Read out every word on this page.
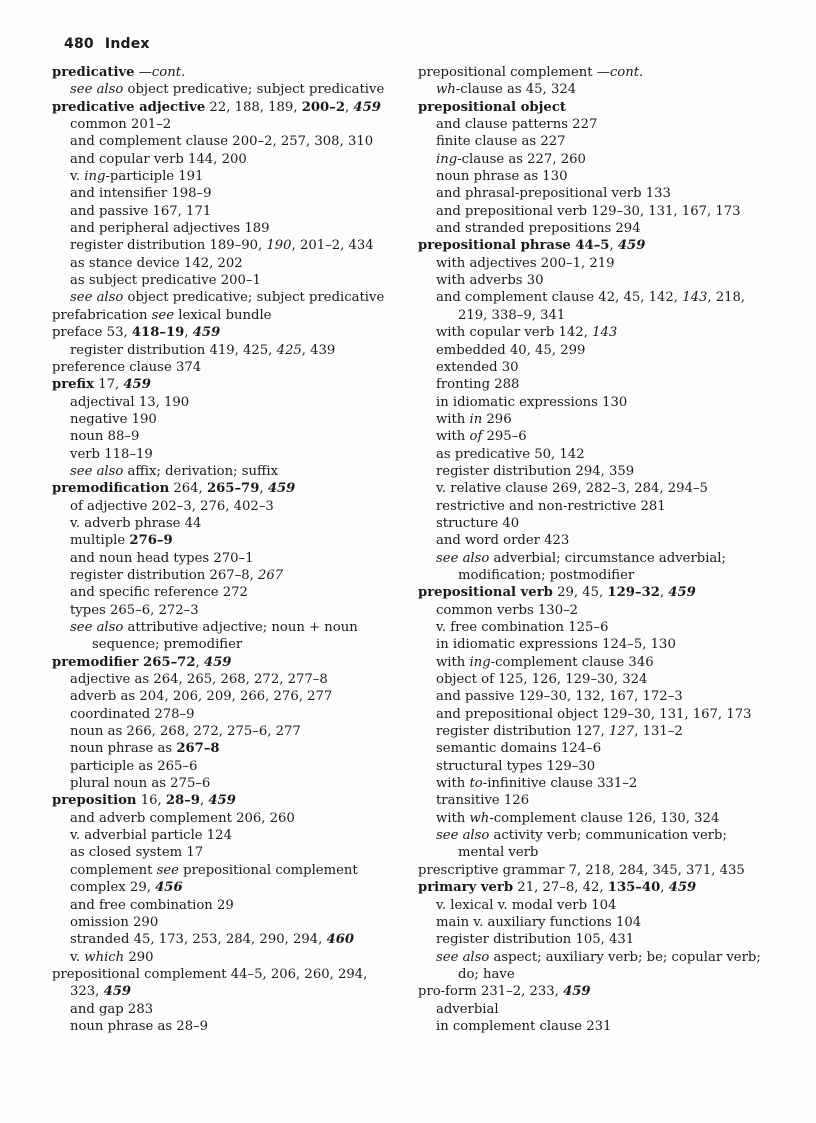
480 Index
predicative —cont.
see also object predicative; subject predicative
predicative adjective 22, 188, 189, 200–2, 459
common 201–2
and complement clause 200–2, 257, 308, 310
and copular verb 144, 200
v. ing-participle 191
and intensifier 198–9
and passive 167, 171
and peripheral adjectives 189
register distribution 189–90, 190, 201–2, 434
as stance device 142, 202
as subject predicative 200–1
see also object predicative; subject predicative
prefabrication see lexical bundle
preface 53, 418–19, 459
register distribution 419, 425, 425, 439
preference clause 374
prefix 17, 459
adjectival 13, 190
negative 190
noun 88–9
verb 118–19
see also affix; derivation; suffix
premodification 264, 265–79, 459
of adjective 202–3, 276, 402–3
v. adverb phrase 44
multiple 276–9
and noun head types 270–1
register distribution 267–8, 267
and specific reference 272
types 265–6, 272–3
see also attributive adjective; noun + noun
sequence; premodifier
premodifier 265–72, 459
adjective as 264, 265, 268, 272, 277–8
adverb as 204, 206, 209, 266, 276, 277
coordinated 278–9
noun as 266, 268, 272, 275–6, 277
noun phrase as 267–8
participle as 265–6
plural noun as 275–6
preposition 16, 28–9, 459
and adverb complement 206, 260
v. adverbial particle 124
as closed system 17
complement see prepositional complement
complex 29, 456
and free combination 29
omission 290
stranded 45, 173, 253, 284, 290, 294, 460
v. which 290
prepositional complement 44–5, 206, 260, 294,
323, 459
and gap 283
noun phrase as 28–9
prepositional complement —cont.
wh-clause as 45, 324
prepositional object
and clause patterns 227
finite clause as 227
ing-clause as 227, 260
noun phrase as 130
and phrasal-prepositional verb 133
and prepositional verb 129–30, 131, 167, 173
and stranded prepositions 294
prepositional phrase 44–5, 459
with adjectives 200–1, 219
with adverbs 30
and complement clause 42, 45, 142, 143, 218,
219, 338–9, 341
with copular verb 142, 143
embedded 40, 45, 299
extended 30
fronting 288
in idiomatic expressions 130
with in 296
with of 295–6
as predicative 50, 142
register distribution 294, 359
v. relative clause 269, 282–3, 284, 294–5
restrictive and non-restrictive 281
structure 40
and word order 423
see also adverbial; circumstance adverbial;
modification; postmodifier
prepositional verb 29, 45, 129–32, 459
common verbs 130–2
v. free combination 125–6
in idiomatic expressions 124–5, 130
with ing-complement clause 346
object of 125, 126, 129–30, 324
and passive 129–30, 132, 167, 172–3
and prepositional object 129–30, 131, 167, 173
register distribution 127, 127, 131–2
semantic domains 124–6
structural types 129–30
with to-infinitive clause 331–2
transitive 126
with wh-complement clause 126, 130, 324
see also activity verb; communication verb;
mental verb
prescriptive grammar 7, 218, 284, 345, 371, 435
primary verb 21, 27–8, 42, 135–40, 459
v. lexical v. modal verb 104
main v. auxiliary functions 104
register distribution 105, 431
see also aspect; auxiliary verb; be; copular verb;
do; have
pro-form 231–2, 233, 459
adverbial
in complement clause 231
